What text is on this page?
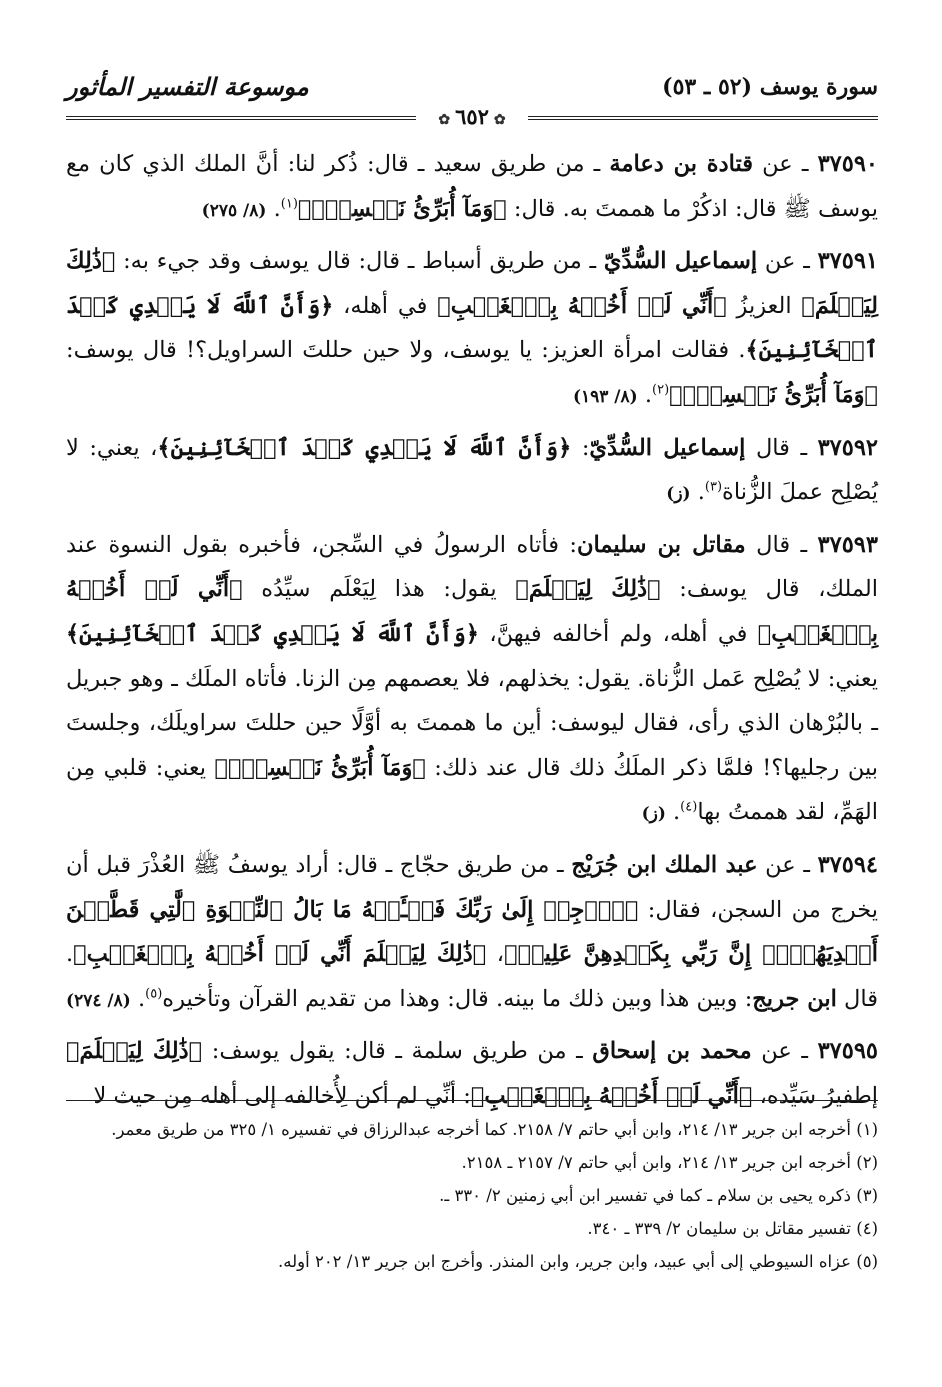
سورة يوسف (٥٢ ـ ٥٣)
موسوعة التفسير المأثور
✿٦٥٢✿

٣٧٥٩٠ ـ عن قتادة بن دعامة ـ من طريق سعيد ـ قال: ذُكر لنا: أنَّ الملك الذي كان مع يوسف ﷺ قال: اذكُرْ ما هممتَ به. قال: ﴿وَمَآ أُبَرِّئُ نَفۡسِيٓۚ﴾$^{(١)}$. (٨/ ٢٧٥)

٣٧٥٩١ ـ عن إسماعيل السُّدِّيّ ـ من طريق أسباط ـ قال: قال يوسف وقد جيء به: ﴿ذَٰلِكَ لِيَعۡلَمَ﴾ العزيزُ ﴿أَنِّي لَمۡ أَخُنۡهُ بِٱلۡغَيۡبِ﴾ في أهله، ﴿وَأَنَّ ٱللَّهَ لَا يَهۡدِي كَيۡدَ ٱلۡخَآئِنِينَ﴾. فقالت امرأة العزيز: يا يوسف، ولا حين حللتَ السراويل؟! قال يوسف: ﴿وَمَآ أُبَرِّئُ نَفۡسِيٓۚ﴾$^{(٢)}$. (٨/ ١٩٣)

٣٧٥٩٢ ـ قال إسماعيل السُّدِّيّ: ﴿وَأَنَّ ٱللَّهَ لَا يَهۡدِي كَيۡدَ ٱلۡخَآئِنِينَ﴾، يعني: لا يُصْلِح عملَ الزُّناة$^{(٣)}$. (ز)

٣٧٥٩٣ ـ قال مقاتل بن سليمان: فأتاه الرسولُ في السِّجن، فأخبره بقول النسوة عند الملك، قال يوسف: ﴿ذَٰلِكَ لِيَعۡلَمَ﴾ يقول: هذا لِيَعْلَم سيِّدُه ﴿أَنِّي لَمۡ أَخُنۡهُ بِٱلۡغَيۡبِ﴾ في أهله، ولم أخالفه فيهنَّ، ﴿وَأَنَّ ٱللَّهَ لَا يَهۡدِي كَيۡدَ ٱلۡخَآئِنِينَ﴾ يعني: لا يُصْلِح عَمل الزُّناة. يقول: يخذلهم، فلا يعصمهم مِن الزنا. فأتاه الملَك ـ وهو جبريل ـ بالبُرْهان الذي رأى، فقال ليوسف: أين ما هممتَ به أوَّلًا حين حللتَ سراويلَك، وجلستَ بين رجليها؟! فلمَّا ذكر الملَكُ ذلك قال عند ذلك: ﴿وَمَآ أُبَرِّئُ نَفۡسِيٓۚ﴾ يعني: قلبي مِن الهَمِّ، لقد هممتُ بها$^{(٤)}$. (ز)

٣٧٥٩٤ ـ عن عبد الملك ابن جُرَيْج ـ من طريق حجّاج ـ قال: أراد يوسفُ ﷺ العُذْرَ قبل أن يخرج من السجن، فقال: ﴿ٱرۡجِعۡ إِلَىٰ رَبِّكَ فَسۡـَٔلۡهُ مَا بَالُ ٱلنِّسۡوَةِ ٱلَّٰتِي قَطَّعۡنَ أَيۡدِيَهُنَّۚ إِنَّ رَبِّي بِكَيۡدِهِنَّ عَلِيمٞ﴾، ﴿ذَٰلِكَ لِيَعۡلَمَ أَنِّي لَمۡ أَخُنۡهُ بِٱلۡغَيۡبِ﴾. قال ابن جريج: وبين هذا وبين ذلك ما بينه. قال: وهذا من تقديم القرآن وتأخيره$^{(٥)}$. (٨/ ٢٧٤)

٣٧٥٩٥ ـ عن محمد بن إسحاق ـ من طريق سلمة ـ قال: يقول يوسف: ﴿ذَٰلِكَ لِيَعۡلَمَ﴾ إطفيرُ سَيِّده، ﴿أَنِّي لَمۡ أَخُنۡهُ بِٱلۡغَيۡبِ﴾: أنِّي لم أكن لِأُخالفه إلى أهله مِن حيث لا

(١) أخرجه ابن جرير ١٣/ ٢١٤، وابن أبي حاتم ٧/ ٢١٥٨. كما أخرجه عبدالرزاق في تفسيره ١/ ٣٢٥ من طريق معمر.

(٢) أخرجه ابن جرير ١٣/ ٢١٤، وابن أبي حاتم ٧/ ٢١٥٧ ـ ٢١٥٨.

(٣) ذكره يحيى بن سلام ـ كما في تفسير ابن أبي زمنين ٢/ ٣٣٠ ـ.

(٤) تفسير مقاتل بن سليمان ٢/ ٣٣٩ ـ ٣٤٠.

(٥) عزاه السيوطي إلى أبي عبيد، وابن جرير، وابن المنذر. وأخرج ابن جرير ١٣/ ٢٠٢ أوله.
